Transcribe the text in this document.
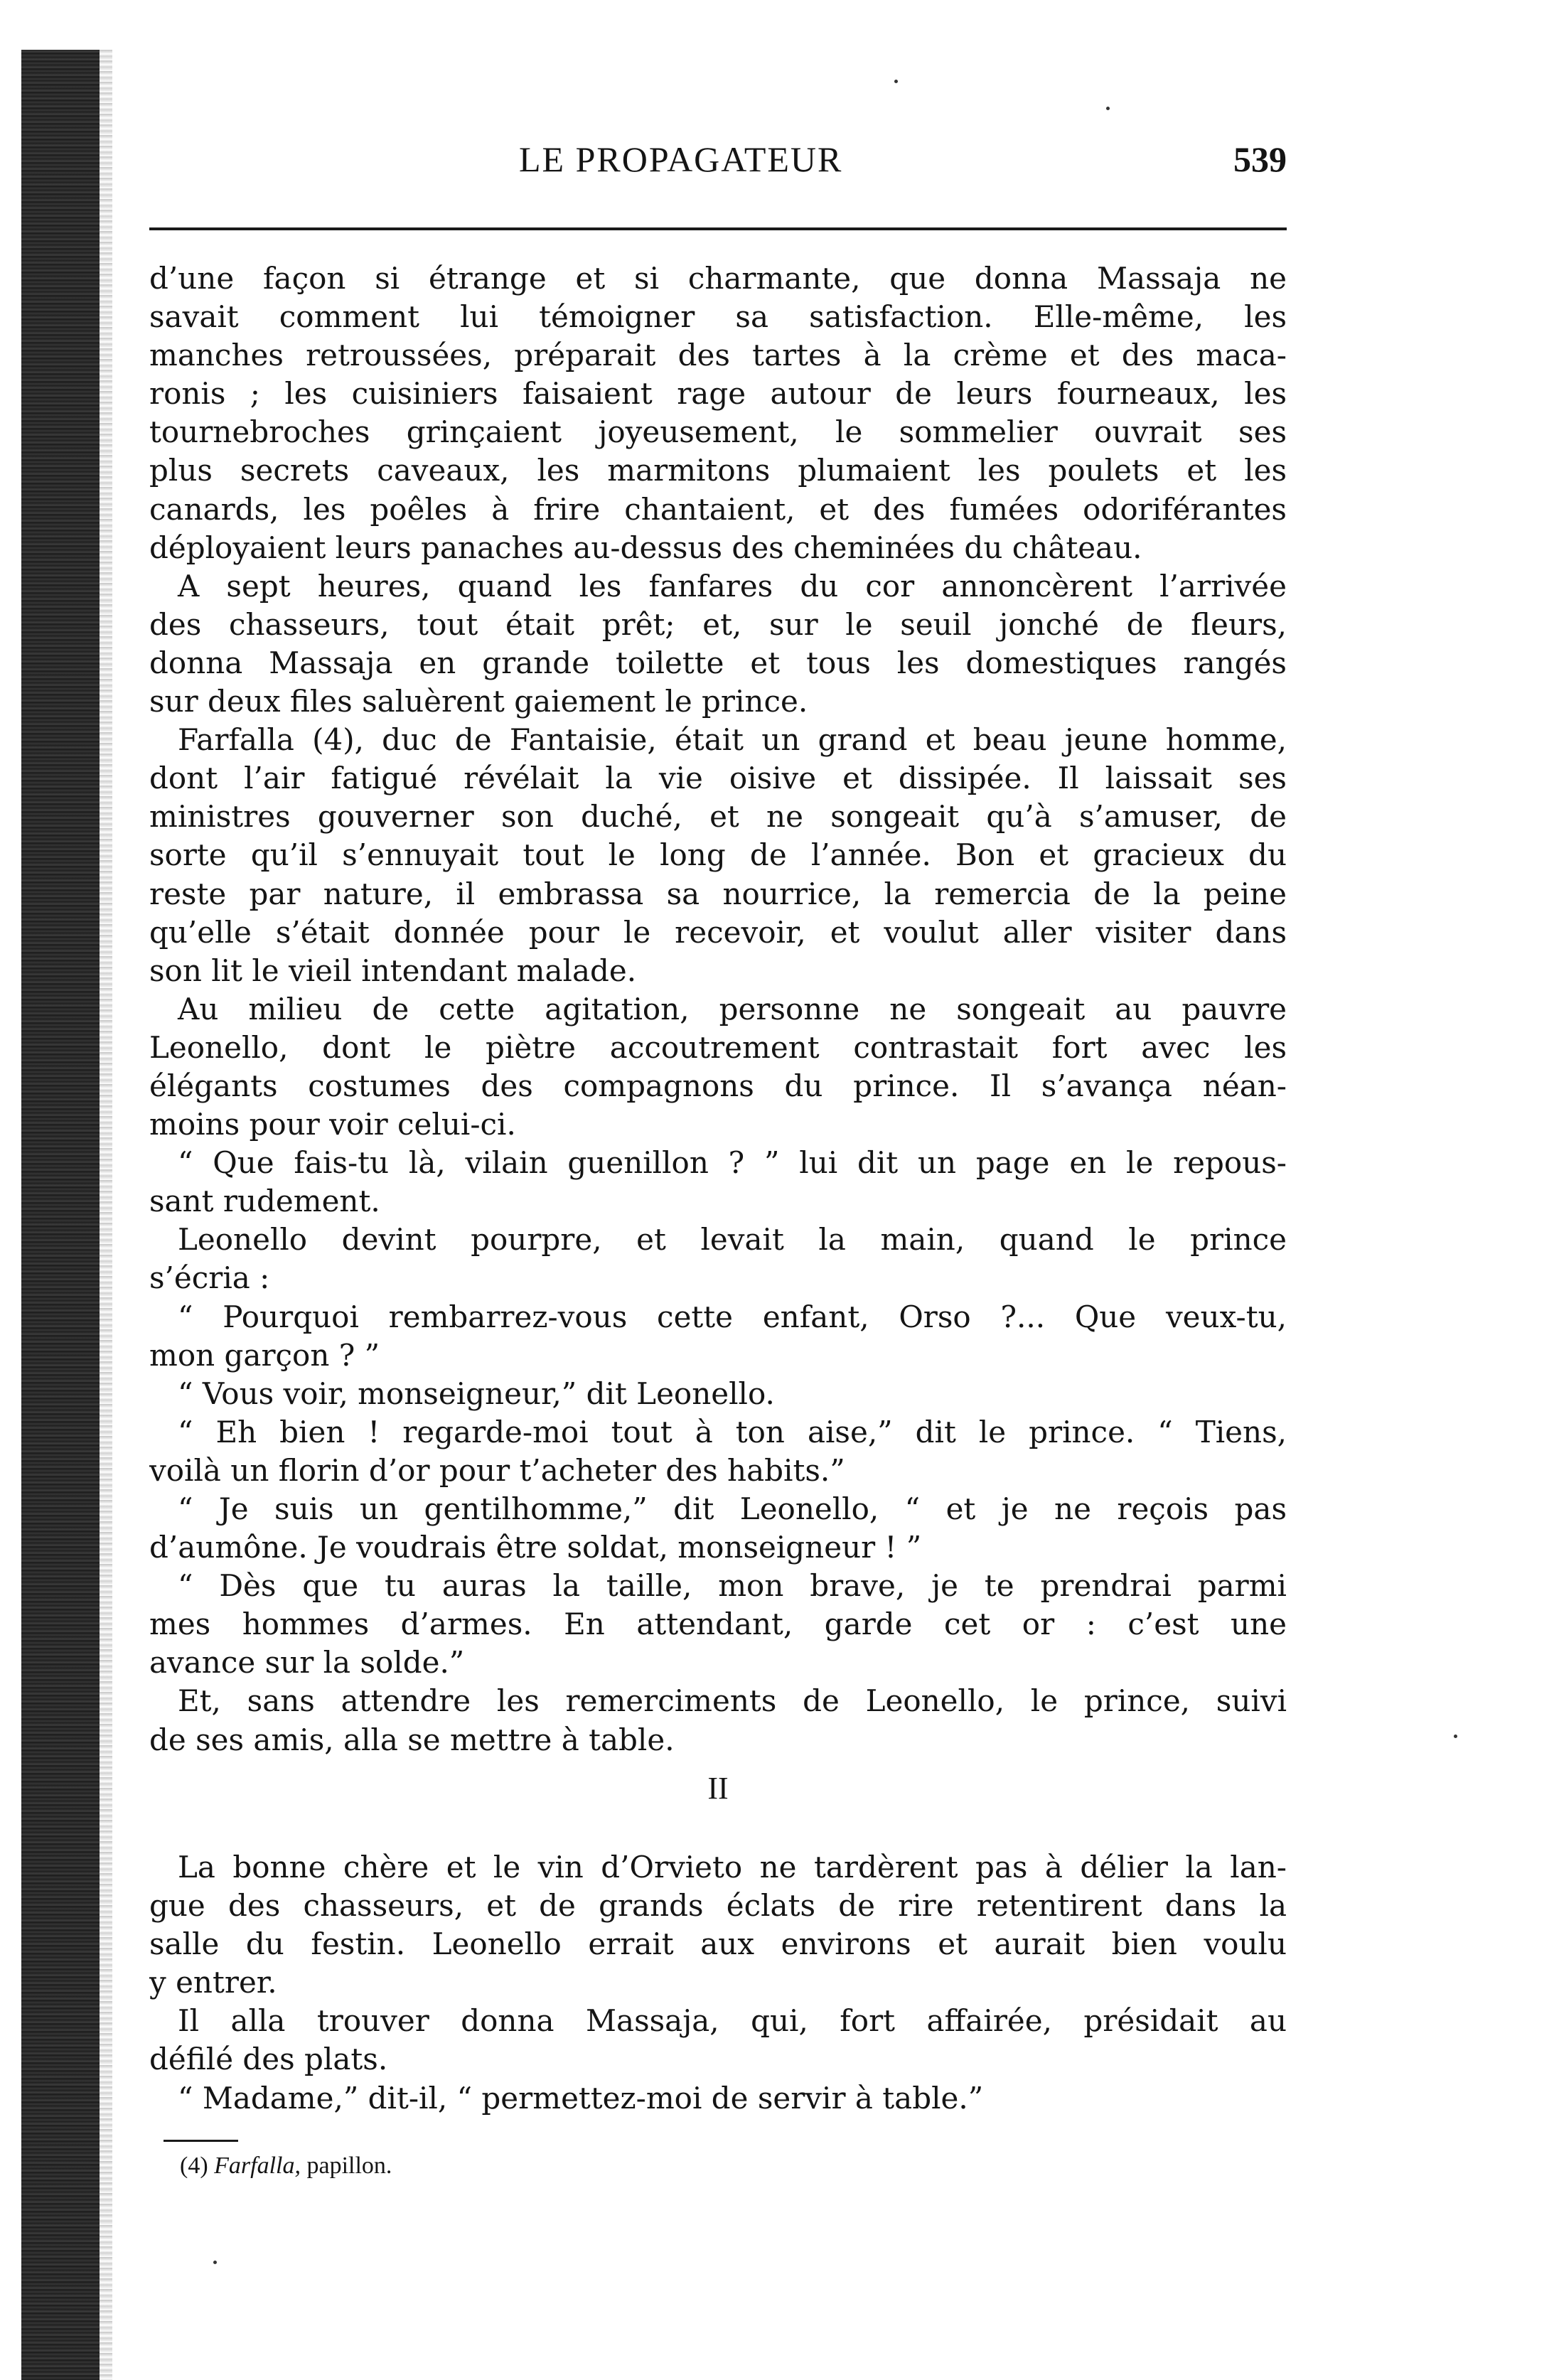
LE PROPAGATEUR	539
d’une façon si étrange et si charmante, que donna Massaja ne
savait comment lui témoigner sa satisfaction. Elle-même, les
manches retroussées, préparait des tartes à la crème et des maca-
ronis ; les cuisiniers faisaient rage autour de leurs fourneaux, les
tournebroches grinçaient joyeusement, le sommelier ouvrait ses
plus secrets caveaux, les marmitons plumaient les poulets et les
canards, les poêles à frire chantaient, et des fumées odoriférantes
déployaient leurs panaches au-dessus des cheminées du château.
A sept heures, quand les fanfares du cor annoncèrent l’arrivée
des chasseurs, tout était prêt; et, sur le seuil jonché de fleurs,
donna Massaja en grande toilette et tous les domestiques rangés
sur deux files saluèrent gaiement le prince.
Farfalla (4), duc de Fantaisie, était un grand et beau jeune homme,
dont l’air fatigué révélait la vie oisive et dissipée. Il laissait ses
ministres gouverner son duché, et ne songeait qu’à s’amuser, de
sorte qu’il s’ennuyait tout le long de l’année. Bon et gracieux du
reste par nature, il embrassa sa nourrice, la remercia de la peine
qu’elle s’était donnée pour le recevoir, et voulut aller visiter dans
son lit le vieil intendant malade.
Au milieu de cette agitation, personne ne songeait au pauvre
Leonello, dont le piètre accoutrement contrastait fort avec les
élégants costumes des compagnons du prince. Il s’avança néan-
moins pour voir celui-ci.
“ Que fais-tu là, vilain guenillon ? ” lui dit un page en le repous-
sant rudement.
Leonello devint pourpre, et levait la main, quand le prince
s’écria :
“ Pourquoi rembarrez-vous cette enfant, Orso ?... Que veux-tu,
mon garçon ? ”
“ Vous voir, monseigneur,” dit Leonello.
“ Eh bien ! regarde-moi tout à ton aise,” dit le prince. “ Tiens,
voilà un florin d’or pour t’acheter des habits.”
“ Je suis un gentilhomme,” dit Leonello, “ et je ne reçois pas
d’aumône. Je voudrais être soldat, monseigneur ! ”
“ Dès que tu auras la taille, mon brave, je te prendrai parmi
mes hommes d’armes. En attendant, garde cet or : c’est une
avance sur la solde.”
Et, sans attendre les remerciments de Leonello, le prince, suivi
de ses amis, alla se mettre à table.
II
La bonne chère et le vin d’Orvieto ne tardèrent pas à délier la lan-
gue des chasseurs, et de grands éclats de rire retentirent dans la
salle du festin. Leonello errait aux environs et aurait bien voulu
y entrer.
Il alla trouver donna Massaja, qui, fort affairée, présidait au
défilé des plats.
“ Madame,” dit-il, “ permettez-moi de servir à table.”
(4) Farfalla, papillon.
